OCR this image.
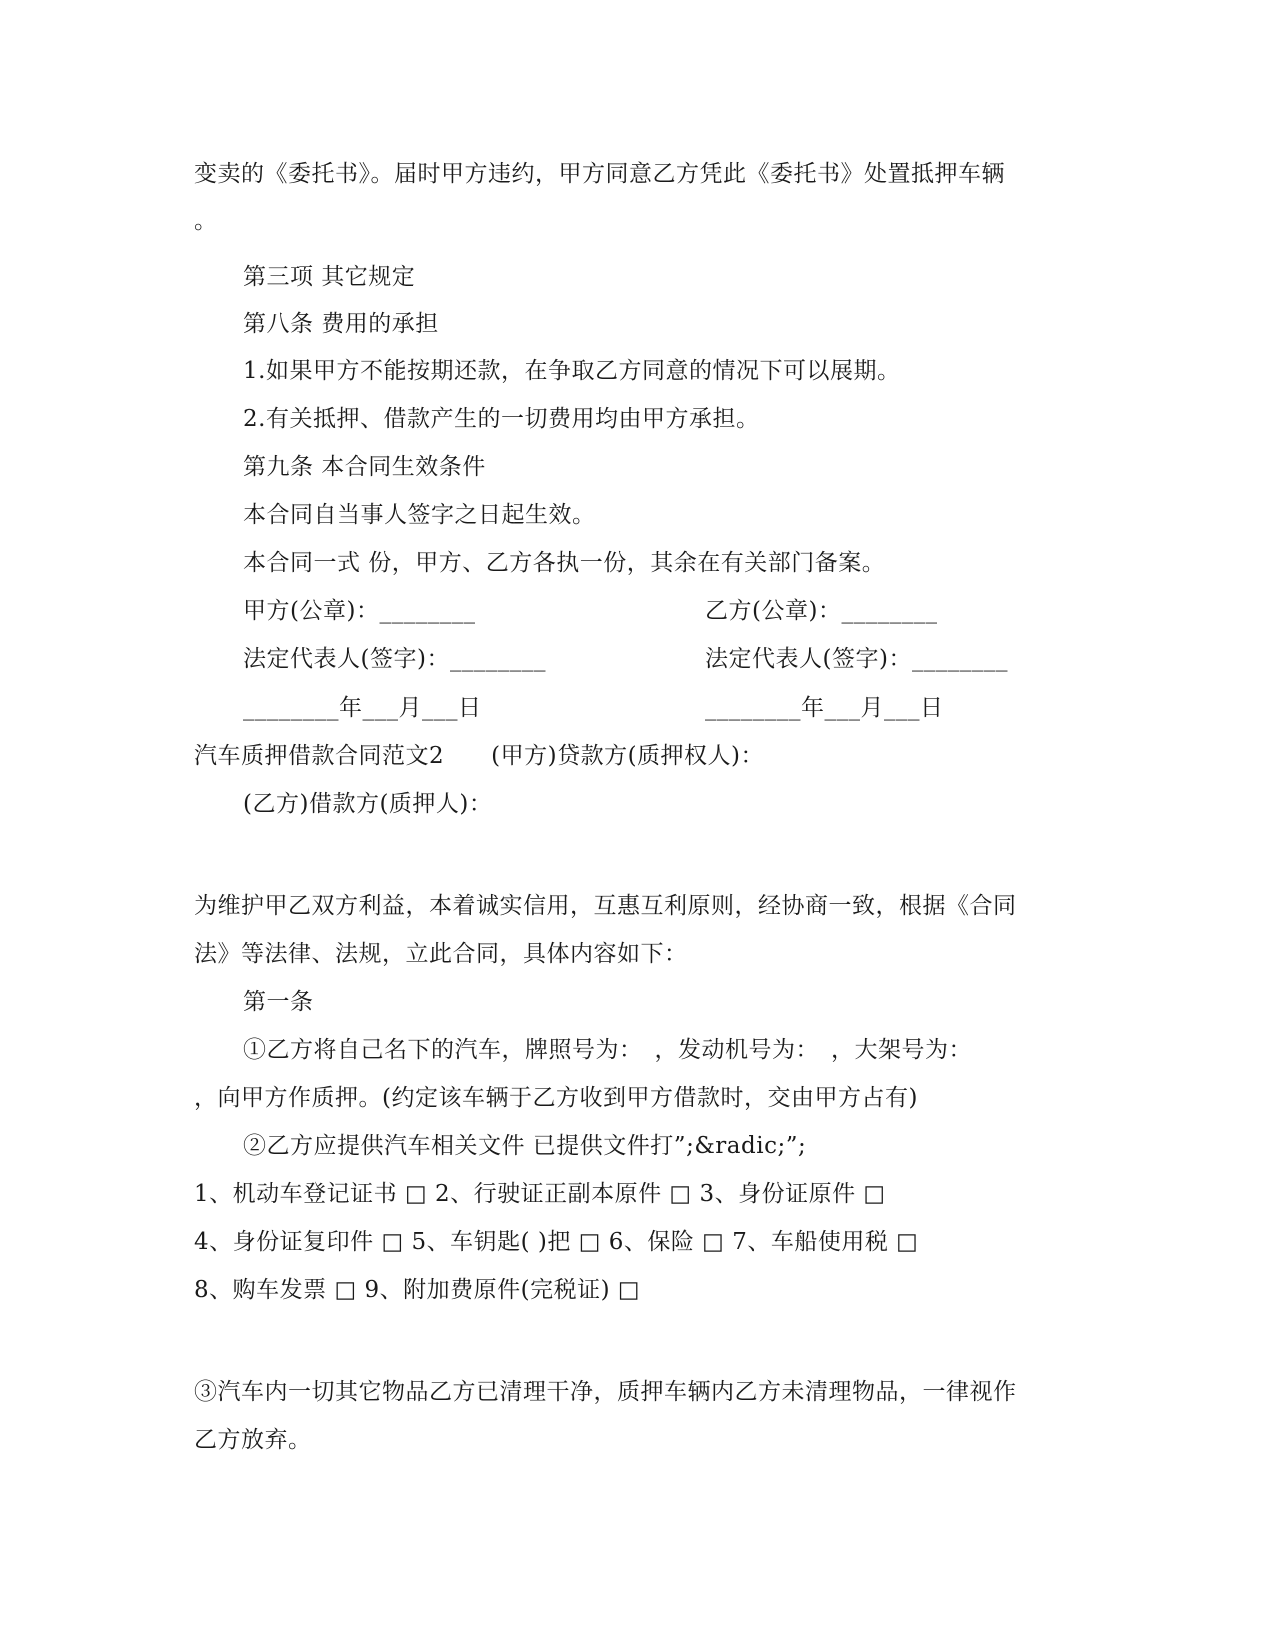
变卖的《委托书》。届时甲方违约，甲方同意乙方凭此《委托书》处置抵押车辆
。
第三项 其它规定
第八条 费用的承担
1.如果甲方不能按期还款，在争取乙方同意的情况下可以展期。
2.有关抵押、借款产生的一切费用均由甲方承担。
第九条 本合同生效条件
本合同自当事人签字之日起生效。
本合同一式 份，甲方、乙方各执一份，其余在有关部门备案。
甲方(公章)：________	乙方(公章)：________
法定代表人(签字)：________	法定代表人(签字)：________
________年___月___日	________年___月___日
汽车质押借款合同范文2　　(甲方)贷款方(质押权人)：
(乙方)借款方(质押人)：
为维护甲乙双方利益，本着诚实信用，互惠互利原则，经协商一致，根据《合同
法》等法律、法规，立此合同，具体内容如下：
第一条
①乙方将自己名下的汽车，牌照号为：　，发动机号为：　，大架号为：
，向甲方作质押。(约定该车辆于乙方收到甲方借款时，交由甲方占有)
②乙方应提供汽车相关文件 已提供文件打”;&radic;”;
1、机动车登记证书 □ 2、行驶证正副本原件 □ 3、身份证原件 □
4、身份证复印件 □ 5、车钥匙( )把 □ 6、保险 □ 7、车船使用税 □
8、购车发票 □ 9、附加费原件(完税证) □
③汽车内一切其它物品乙方已清理干净，质押车辆内乙方未清理物品，一律视作
乙方放弃。
